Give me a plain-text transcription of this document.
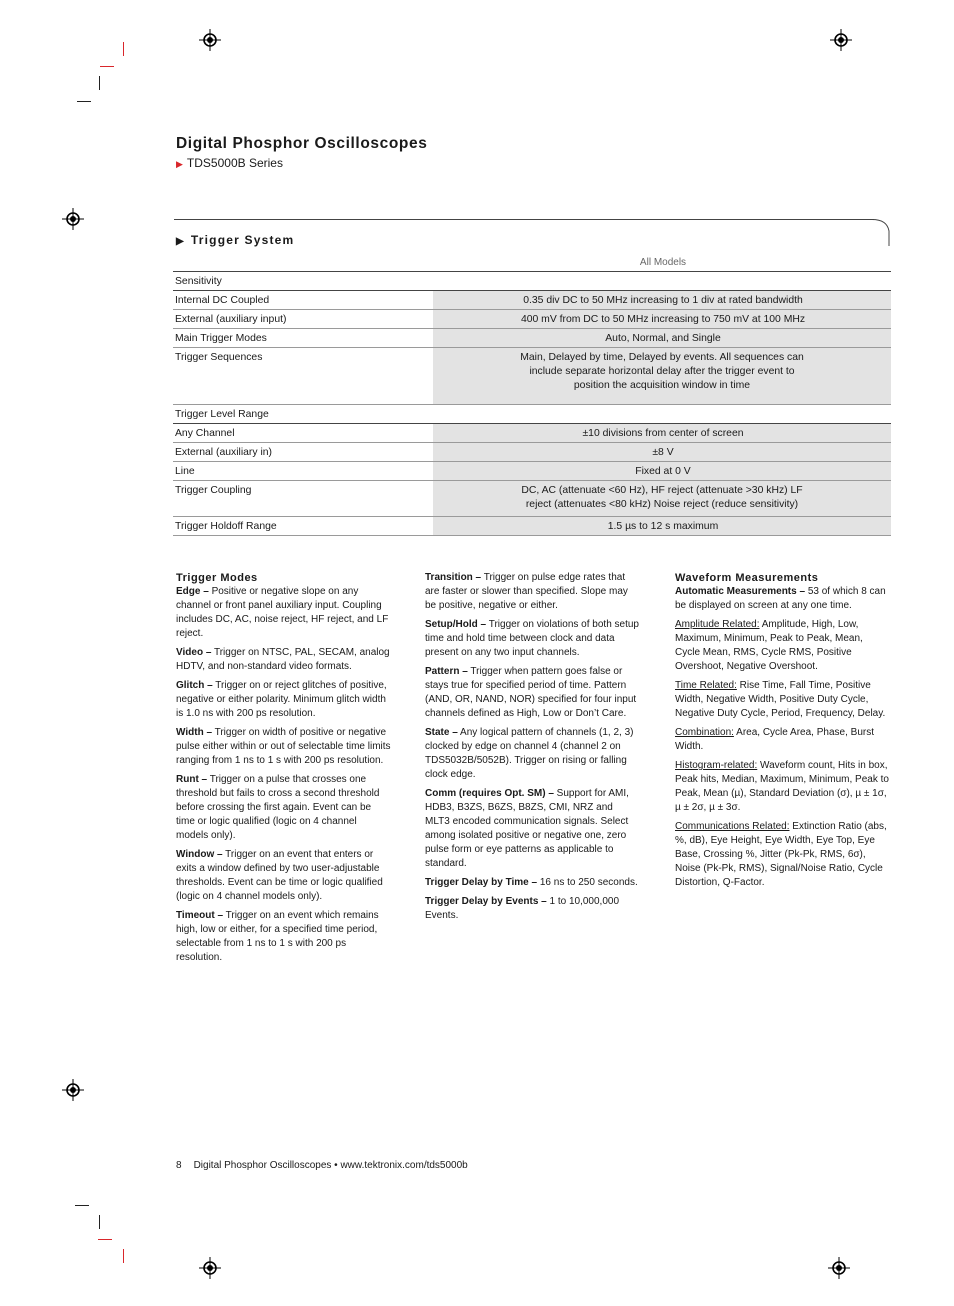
Digital Phosphor Oscilloscopes
▶ TDS5000B Series
▶ Trigger System
	All Models
Sensitivity	
Internal DC Coupled	0.35 div DC to 50 MHz increasing to 1 div at rated bandwidth
External (auxiliary input)	400 mV from DC to 50 MHz increasing to 750 mV at 100 MHz
Main Trigger Modes	Auto, Normal, and Single
Trigger Sequences	Main, Delayed by time, Delayed by events. All sequences can include separate horizontal delay after the trigger event to position the acquisition window in time
Trigger Level Range	
Any Channel	±10 divisions from center of screen
External (auxiliary in)	±8 V
Line	Fixed at 0 V
Trigger Coupling	DC, AC (attenuate <60 Hz), HF reject (attenuate >30 kHz) LF reject (attenuates <80 kHz) Noise reject (reduce sensitivity)
Trigger Holdoff Range	1.5 µs to 12 s maximum
Trigger Modes

Edge – Positive or negative slope on any channel or front panel auxiliary input. Coupling includes DC, AC, noise reject, HF reject, and LF reject.

Video – Trigger on NTSC, PAL, SECAM, analog HDTV, and non-standard video formats.

Glitch – Trigger on or reject glitches of positive, negative or either polarity. Minimum glitch width is 1.0 ns with 200 ps resolution.

Width – Trigger on width of positive or negative pulse either within or out of selectable time limits ranging from 1 ns to 1 s with 200 ps resolution.

Runt – Trigger on a pulse that crosses one threshold but fails to cross a second threshold before crossing the first again. Event can be time or logic qualified (logic on 4 channel models only).

Window – Trigger on an event that enters or exits a window defined by two user-adjustable thresholds. Event can be time or logic qualified (logic on 4 channel models only).

Timeout – Trigger on an event which remains high, low or either, for a specified time period, selectable from 1 ns to 1 s with 200 ps resolution.

Transition – Trigger on pulse edge rates that are faster or slower than specified. Slope may be positive, negative or either.

Setup/Hold – Trigger on violations of both setup time and hold time between clock and data present on any two input channels.

Pattern – Trigger when pattern goes false or stays true for specified period of time. Pattern (AND, OR, NAND, NOR) specified for four input channels defined as High, Low or Don’t Care.

State – Any logical pattern of channels (1, 2, 3) clocked by edge on channel 4 (channel 2 on TDS5032B/5052B). Trigger on rising or falling clock edge.

Comm (requires Opt. SM) – Support for AMI, HDB3, B3ZS, B6ZS, B8ZS, CMI, NRZ and MLT3 encoded communication signals. Select among isolated positive or negative one, zero pulse form or eye patterns as applicable to standard.

Trigger Delay by Time – 16 ns to 250 seconds.

Trigger Delay by Events – 1 to 10,000,000 Events.

Waveform Measurements

Automatic Measurements – 53 of which 8 can be displayed on screen at any one time.

Amplitude Related: Amplitude, High, Low, Maximum, Minimum, Peak to Peak, Mean, Cycle Mean, RMS, Cycle RMS, Positive Overshoot, Negative Overshoot.

Time Related: Rise Time, Fall Time, Positive Width, Negative Width, Positive Duty Cycle, Negative Duty Cycle, Period, Frequency, Delay.

Combination: Area, Cycle Area, Phase, Burst Width.

Histogram-related: Waveform count, Hits in box, Peak hits, Median, Maximum, Minimum, Peak to Peak, Mean (µ), Standard Deviation (σ), µ ± 1σ, µ ± 2σ, µ ± 3σ.

Communications Related: Extinction Ratio (abs, %, dB), Eye Height, Eye Width, Eye Top, Eye Base, Crossing %, Jitter (Pk-Pk, RMS, 6σ), Noise (Pk-Pk, RMS), Signal/Noise Ratio, Cycle Distortion, Q-Factor.

8 Digital Phosphor Oscilloscopes • www.tektronix.com/tds5000b
